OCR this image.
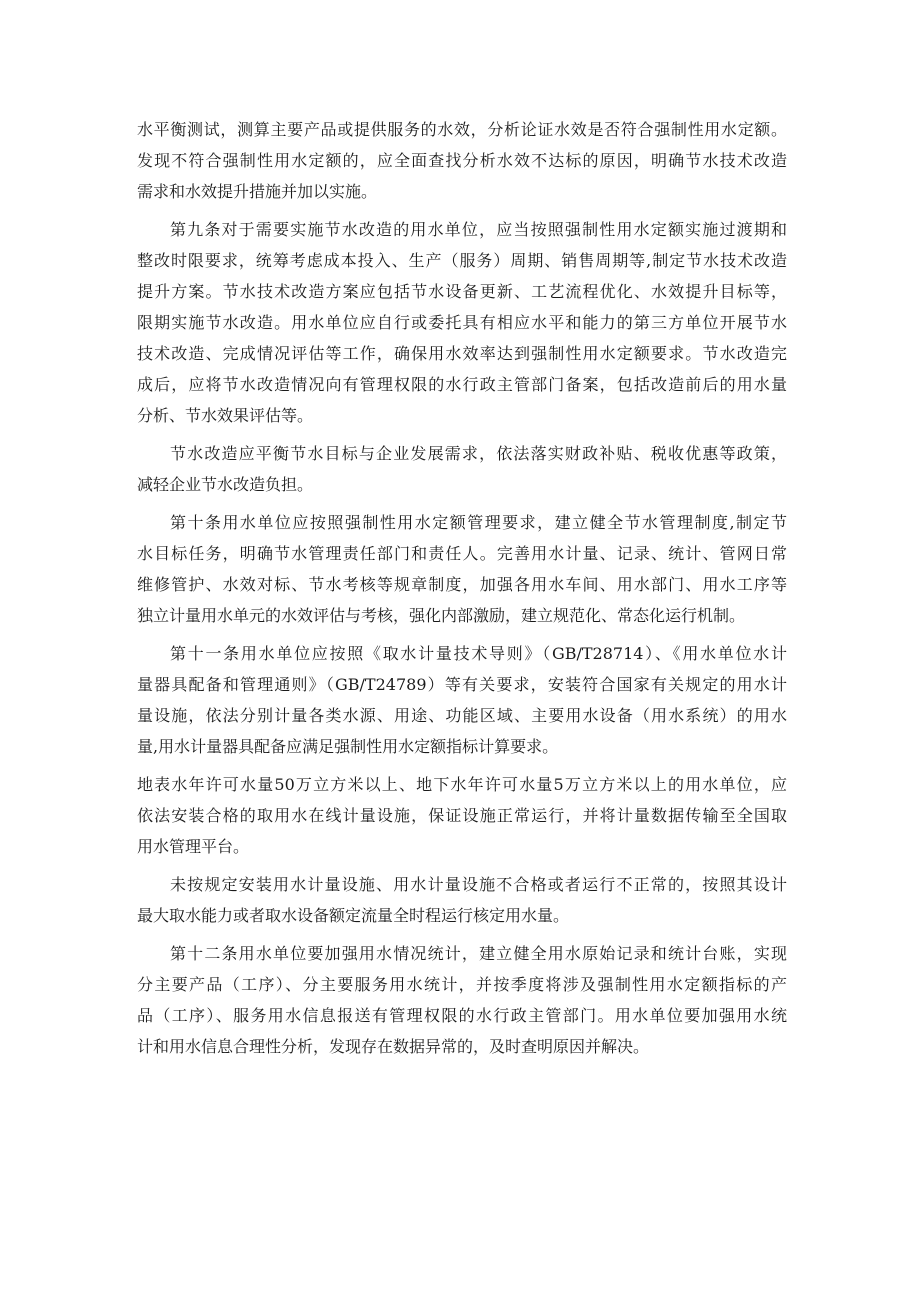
水平衡测试，测算主要产品或提供服务的水效，分析论证水效是否符合强制性用水定额。
发现不符合强制性用水定额的，应全面查找分析水效不达标的原因，明确节水技术改造
需求和水效提升措施并加以实施。
第九条对于需要实施节水改造的用水单位，应当按照强制性用水定额实施过渡期和
整改时限要求，统筹考虑成本投入、生产（服务）周期、销售周期等,制定节水技术改造
提升方案。节水技术改造方案应包括节水设备更新、工艺流程优化、水效提升目标等，
限期实施节水改造。用水单位应自行或委托具有相应水平和能力的第三方单位开展节水
技术改造、完成情况评估等工作，确保用水效率达到强制性用水定额要求。节水改造完
成后，应将节水改造情况向有管理权限的水行政主管部门备案，包括改造前后的用水量
分析、节水效果评估等。
节水改造应平衡节水目标与企业发展需求，依法落实财政补贴、税收优惠等政策，
减轻企业节水改造负担。
第十条用水单位应按照强制性用水定额管理要求，建立健全节水管理制度,制定节
水目标任务，明确节水管理责任部门和责任人。完善用水计量、记录、统计、管网日常
维修管护、水效对标、节水考核等规章制度，加强各用水车间、用水部门、用水工序等
独立计量用水单元的水效评估与考核，强化内部激励，建立规范化、常态化运行机制。
第十一条用水单位应按照《取水计量技术导则》（GB/T28714）、《用水单位水计
量器具配备和管理通则》（GB/T24789）等有关要求，安装符合国家有关规定的用水计
量设施，依法分别计量各类水源、用途、功能区域、主要用水设备（用水系统）的用水
量,用水计量器具配备应满足强制性用水定额指标计算要求。
地表水年许可水量50万立方米以上、地下水年许可水量5万立方米以上的用水单位，应
依法安装合格的取用水在线计量设施，保证设施正常运行，并将计量数据传输至全国取
用水管理平台。
未按规定安装用水计量设施、用水计量设施不合格或者运行不正常的，按照其设计
最大取水能力或者取水设备额定流量全时程运行核定用水量。
第十二条用水单位要加强用水情况统计，建立健全用水原始记录和统计台账，实现
分主要产品（工序）、分主要服务用水统计，并按季度将涉及强制性用水定额指标的产
品（工序）、服务用水信息报送有管理权限的水行政主管部门。用水单位要加强用水统
计和用水信息合理性分析，发现存在数据异常的，及时查明原因并解决。
